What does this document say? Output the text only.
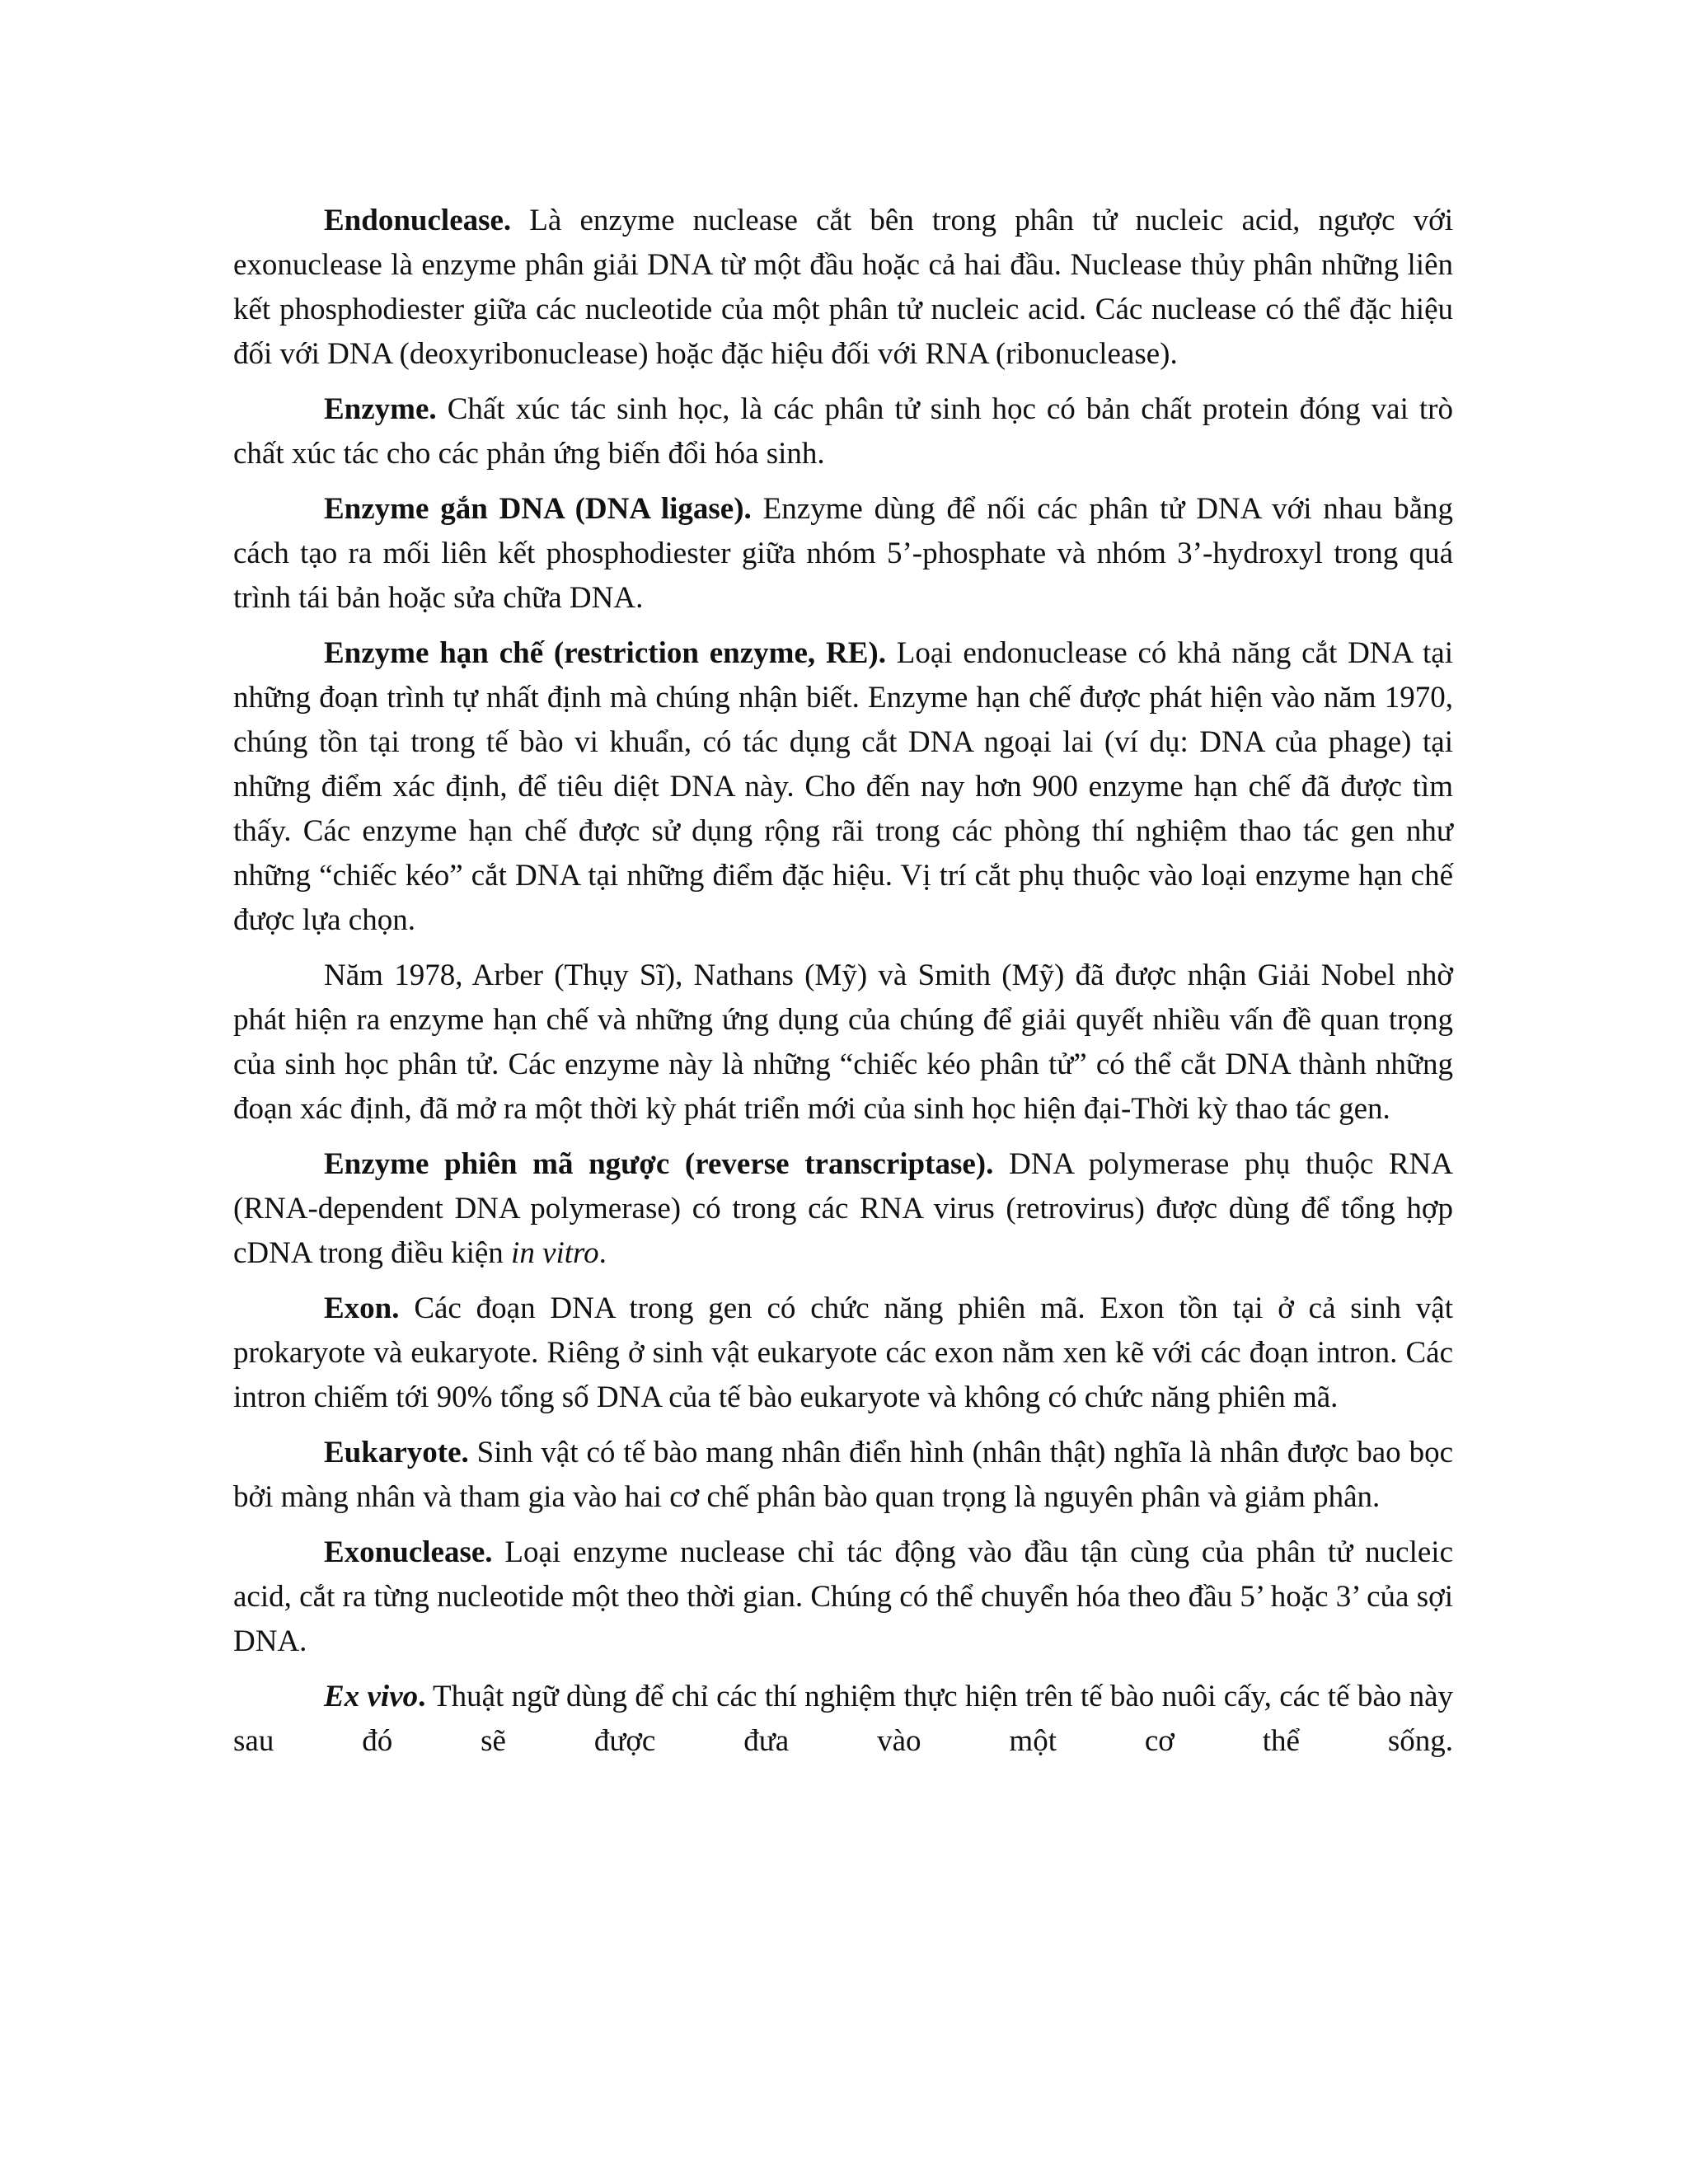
Endonuclease. Là enzyme nuclease cắt bên trong phân tử nucleic acid, ngược với exonuclease là enzyme phân giải DNA từ một đầu hoặc cả hai đầu. Nuclease thủy phân những liên kết phosphodiester giữa các nucleotide của một phân tử nucleic acid. Các nuclease có thể đặc hiệu đối với DNA (deoxyribonuclease) hoặc đặc hiệu đối với RNA (ribonuclease).

Enzyme. Chất xúc tác sinh học, là các phân tử sinh học có bản chất protein đóng vai trò chất xúc tác cho các phản ứng biến đổi hóa sinh.

Enzyme gắn DNA (DNA ligase). Enzyme dùng để nối các phân tử DNA với nhau bằng cách tạo ra mối liên kết phosphodiester giữa nhóm 5’-phosphate và nhóm 3’-hydroxyl trong quá trình tái bản hoặc sửa chữa DNA.

Enzyme hạn chế (restriction enzyme, RE). Loại endonuclease có khả năng cắt DNA tại những đoạn trình tự nhất định mà chúng nhận biết. Enzyme hạn chế được phát hiện vào năm 1970, chúng tồn tại trong tế bào vi khuẩn, có tác dụng cắt DNA ngoại lai (ví dụ: DNA của phage) tại những điểm xác định, để tiêu diệt DNA này. Cho đến nay hơn 900 enzyme hạn chế đã được tìm thấy. Các enzyme hạn chế được sử dụng rộng rãi trong các phòng thí nghiệm thao tác gen như những “chiếc kéo” cắt DNA tại những điểm đặc hiệu. Vị trí cắt phụ thuộc vào loại enzyme hạn chế được lựa chọn.

Năm 1978, Arber (Thụy Sĩ), Nathans (Mỹ) và Smith (Mỹ) đã được nhận Giải Nobel nhờ phát hiện ra enzyme hạn chế và những ứng dụng của chúng để giải quyết nhiều vấn đề quan trọng của sinh học phân tử. Các enzyme này là những “chiếc kéo phân tử” có thể cắt DNA thành những đoạn xác định, đã mở ra một thời kỳ phát triển mới của sinh học hiện đại-Thời kỳ thao tác gen.

Enzyme phiên mã ngược (reverse transcriptase). DNA polymerase phụ thuộc RNA (RNA-dependent DNA polymerase) có trong các RNA virus (retrovirus) được dùng để tổng hợp cDNA trong điều kiện in vitro.

Exon. Các đoạn DNA trong gen có chức năng phiên mã. Exon tồn tại ở cả sinh vật prokaryote và eukaryote. Riêng ở sinh vật eukaryote các exon nằm xen kẽ với các đoạn intron. Các intron chiếm tới 90% tổng số DNA của tế bào eukaryote và không có chức năng phiên mã.

Eukaryote. Sinh vật có tế bào mang nhân điển hình (nhân thật) nghĩa là nhân được bao bọc bởi màng nhân và tham gia vào hai cơ chế phân bào quan trọng là nguyên phân và giảm phân.

Exonuclease. Loại enzyme nuclease chỉ tác động vào đầu tận cùng của phân tử nucleic acid, cắt ra từng nucleotide một theo thời gian. Chúng có thể chuyển hóa theo đầu 5’ hoặc 3’ của sợi DNA.

Ex vivo. Thuật ngữ dùng để chỉ các thí nghiệm thực hiện trên tế bào nuôi cấy, các tế bào này sau đó sẽ được đưa vào một cơ thể sống.
